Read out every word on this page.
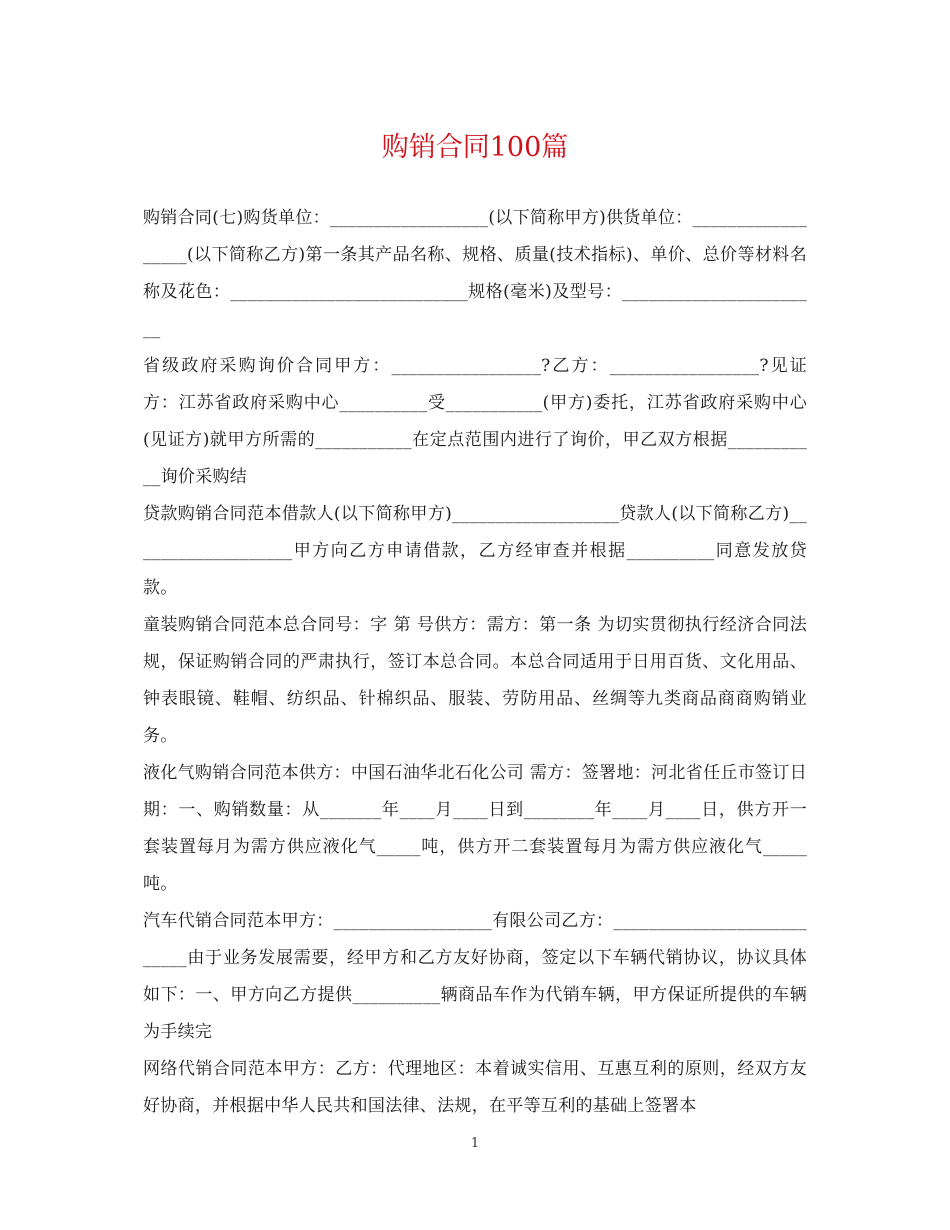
购销合同100篇

购销合同(七)购货单位：__________________(以下简称甲方)供货单位：__________________(以下简称乙方)第一条其产品名称、规格、质量(技术指标)、单价、总价等材料名称及花色：___________________________规格(毫米)及型号：_______________________

省级政府采购询价合同甲方：_________________?乙方：_________________?见证方：江苏省政府采购中心__________受___________(甲方)委托，江苏省政府采购中心(见证方)就甲方所需的___________在定点范围内进行了询价，甲乙双方根据___________询价采购结

贷款购销合同范本借款人(以下简称甲方)___________________贷款人(以下简称乙方)___________________甲方向乙方申请借款，乙方经审查并根据__________同意发放贷款。

童装购销合同范本总合同号：字 第 号供方：需方：第一条 为切实贯彻执行经济合同法规，保证购销合同的严肃执行，签订本总合同。本总合同适用于日用百货、文化用品、钟表眼镜、鞋帽、纺织品、针棉织品、服装、劳防用品、丝绸等九类商品商商购销业务。

液化气购销合同范本供方：中国石油华北石化公司 需方：签署地：河北省任丘市签订日期：一、购销数量：从_______年____月____日到________年____月____日，供方开一套装置每月为需方供应液化气_____吨，供方开二套装置每月为需方供应液化气_____吨。

汽车代销合同范本甲方：__________________有限公司乙方：___________________________由于业务发展需要，经甲方和乙方友好协商，签定以下车辆代销协议，协议具体如下：一、甲方向乙方提供__________辆商品车作为代销车辆，甲方保证所提供的车辆为手续完

网络代销合同范本甲方：乙方：代理地区：本着诚实信用、互惠互利的原则，经双方友好协商，并根据中华人民共和国法律、法规，在平等互利的基础上签署本

1
